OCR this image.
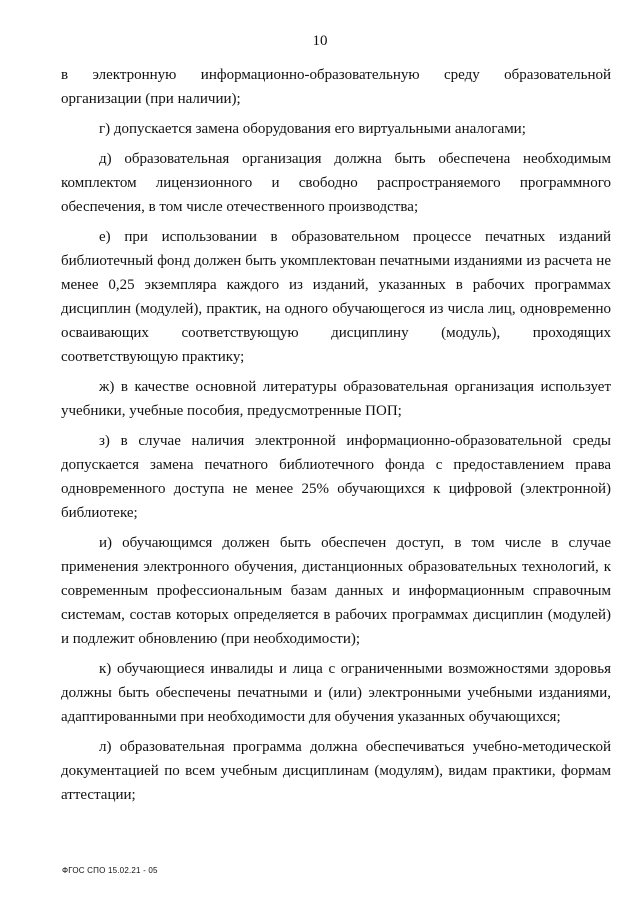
10

в электронную информационно-образовательную среду образовательной организации (при наличии);

г) допускается замена оборудования его виртуальными аналогами;

д) образовательная организация должна быть обеспечена необходимым комплектом лицензионного и свободно распространяемого программного обеспечения, в том числе отечественного производства;

е) при использовании в образовательном процессе печатных изданий библиотечный фонд должен быть укомплектован печатными изданиями из расчета не менее 0,25 экземпляра каждого из изданий, указанных в рабочих программах дисциплин (модулей), практик, на одного обучающегося из числа лиц, одновременно осваивающих соответствующую дисциплину (модуль), проходящих соответствующую практику;

ж) в качестве основной литературы образовательная организация использует учебники, учебные пособия, предусмотренные ПОП;

з) в случае наличия электронной информационно-образовательной среды допускается замена печатного библиотечного фонда с предоставлением права одновременного доступа не менее 25% обучающихся к цифровой (электронной) библиотеке;

и) обучающимся должен быть обеспечен доступ, в том числе в случае применения электронного обучения, дистанционных образовательных технологий, к современным профессиональным базам данных и информационным справочным системам, состав которых определяется в рабочих программах дисциплин (модулей) и подлежит обновлению (при необходимости);

к) обучающиеся инвалиды и лица с ограниченными возможностями здоровья должны быть обеспечены печатными и (или) электронными учебными изданиями, адаптированными при необходимости для обучения указанных обучающихся;

л) образовательная программа должна обеспечиваться учебно-методической документацией по всем учебным дисциплинам (модулям), видам практики, формам аттестации;

ФГОС СПО 15.02.21 - 05
